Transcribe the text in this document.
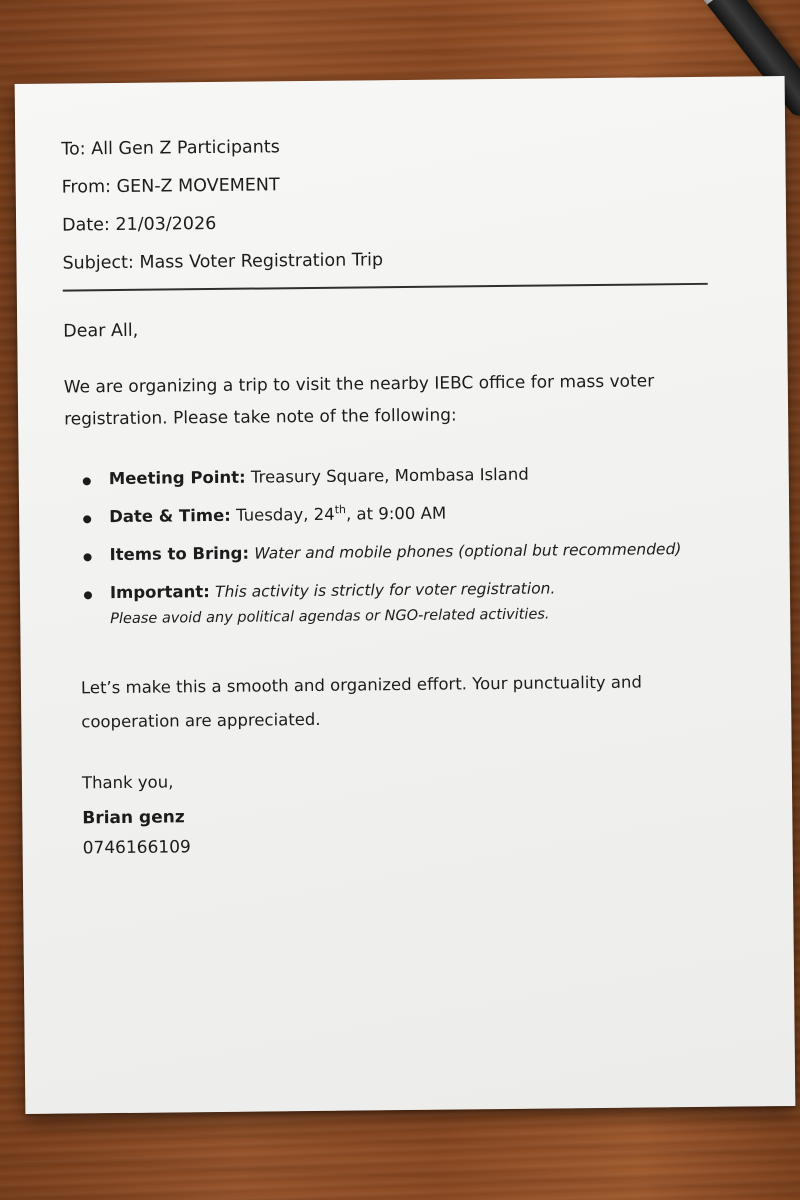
To: All Gen Z Participants
From: GEN-Z MOVEMENT
Date: 21/03/2026
Subject: Mass Voter Registration Trip
Dear All,
We are organizing a trip to visit the nearby IEBC office for mass voter registration. Please take note of the following:
Meeting Point: Treasury Square, Mombasa Island
Date & Time: Tuesday, 24th, at 9:00 AM
Items to Bring: Water and mobile phones (optional but recommended)
Important: This activity is strictly for voter registration.
Please avoid any political agendas or NGO-related activities.
Let’s make this a smooth and organized effort. Your punctuality and cooperation are appreciated.
Thank you,
Brian genz
0746166109
